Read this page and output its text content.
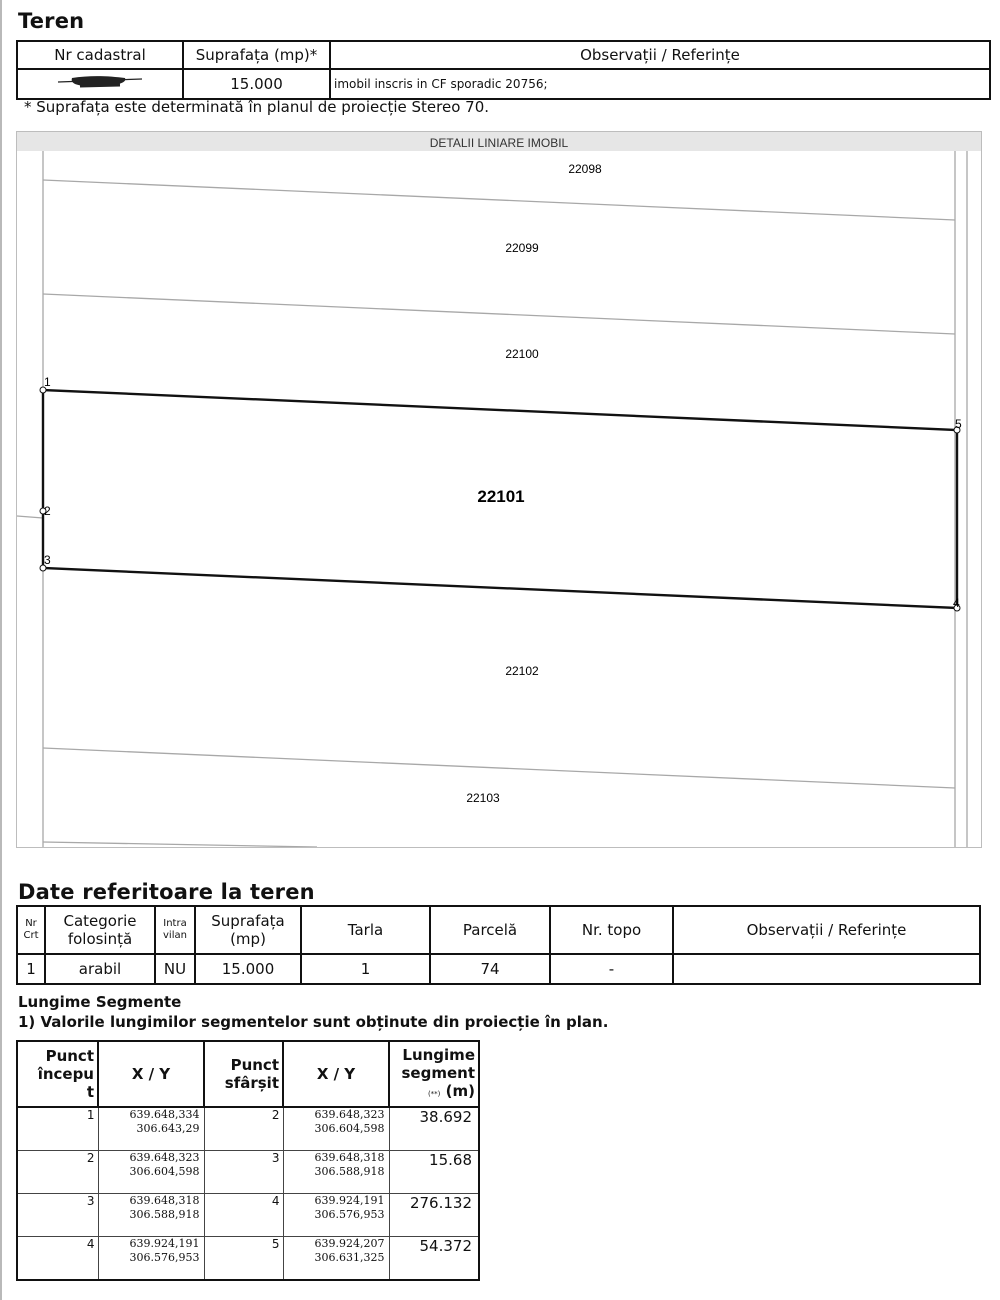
Teren
Nr cadastral	Suprafața (mp)*	Observații / Referințe
	15.000	imobil inscris in CF sporadic 20756;
* Suprafața este determinată în planul de proiecție Stereo 70.
DETALII LINIARE IMOBIL
1
2
3
4
5
22098
22099
22100
22101
22102
22103
Date referitoare la teren
Nr
Crt	Categorie
folosință	Intra
vilan	Suprafața
(mp)	Tarla	Parcelă	Nr. topo	Observații / Referințe
1	arabil	NU	15.000	1	74	-	
Lungime Segmente
1) Valorile lungimilor segmentelor sunt obținute din proiecție în plan.
Punct
începu
t	X / Y	Punct
sfârșit	X / Y	Lungime
segment
(**) (m)
1	639.648,334
306.643,29	2	639.648,323
306.604,598	38.692
2	639.648,323
306.604,598	3	639.648,318
306.588,918	15.68
3	639.648,318
306.588,918	4	639.924,191
306.576,953	276.132
4	639.924,191
306.576,953	5	639.924,207
306.631,325	54.372
